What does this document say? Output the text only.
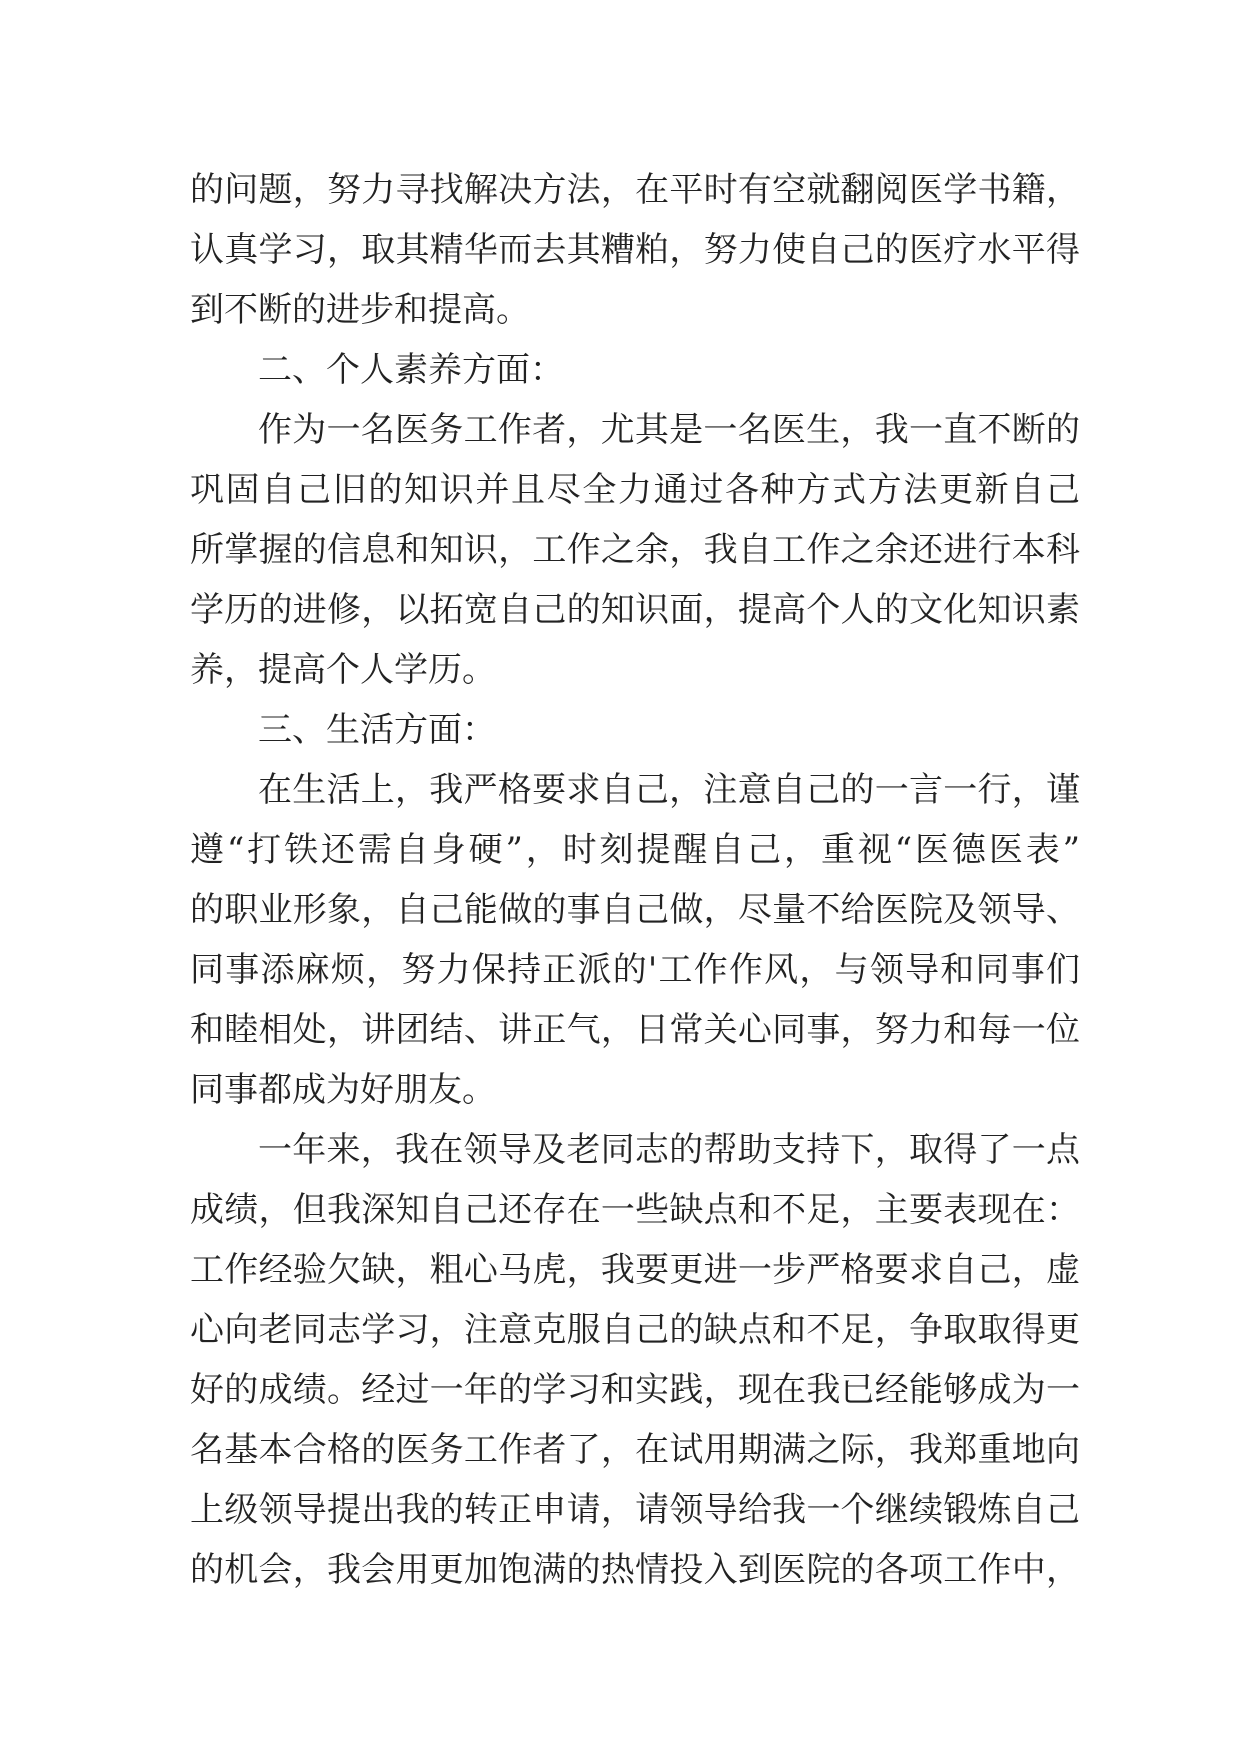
的问题，努力寻找解决方法，在平时有空就翻阅医学书籍，
认真学习，取其精华而去其糟粕，努力使自己的医疗水平得
到不断的进步和提高。
二、个人素养方面：
作为一名医务工作者，尤其是一名医生，我一直不断的
巩固自己旧的知识并且尽全力通过各种方式方法更新自己
所掌握的信息和知识，工作之余，我自工作之余还进行本科
学历的进修，以拓宽自己的知识面，提高个人的文化知识素
养，提高个人学历。
三、生活方面：
在生活上，我严格要求自己，注意自己的一言一行，谨
遵“打铁还需自身硬”，时刻提醒自己，重视“医德医表”
的职业形象，自己能做的事自己做，尽量不给医院及领导、
同事添麻烦，努力保持正派的'工作作风，与领导和同事们
和睦相处，讲团结、讲正气，日常关心同事，努力和每一位
同事都成为好朋友。
一年来，我在领导及老同志的帮助支持下，取得了一点
成绩，但我深知自己还存在一些缺点和不足，主要表现在：
工作经验欠缺，粗心马虎，我要更进一步严格要求自己，虚
心向老同志学习，注意克服自己的缺点和不足，争取取得更
好的成绩。经过一年的学习和实践，现在我已经能够成为一
名基本合格的医务工作者了，在试用期满之际，我郑重地向
上级领导提出我的转正申请，请领导给我一个继续锻炼自己
的机会，我会用更加饱满的热情投入到医院的各项工作中，
